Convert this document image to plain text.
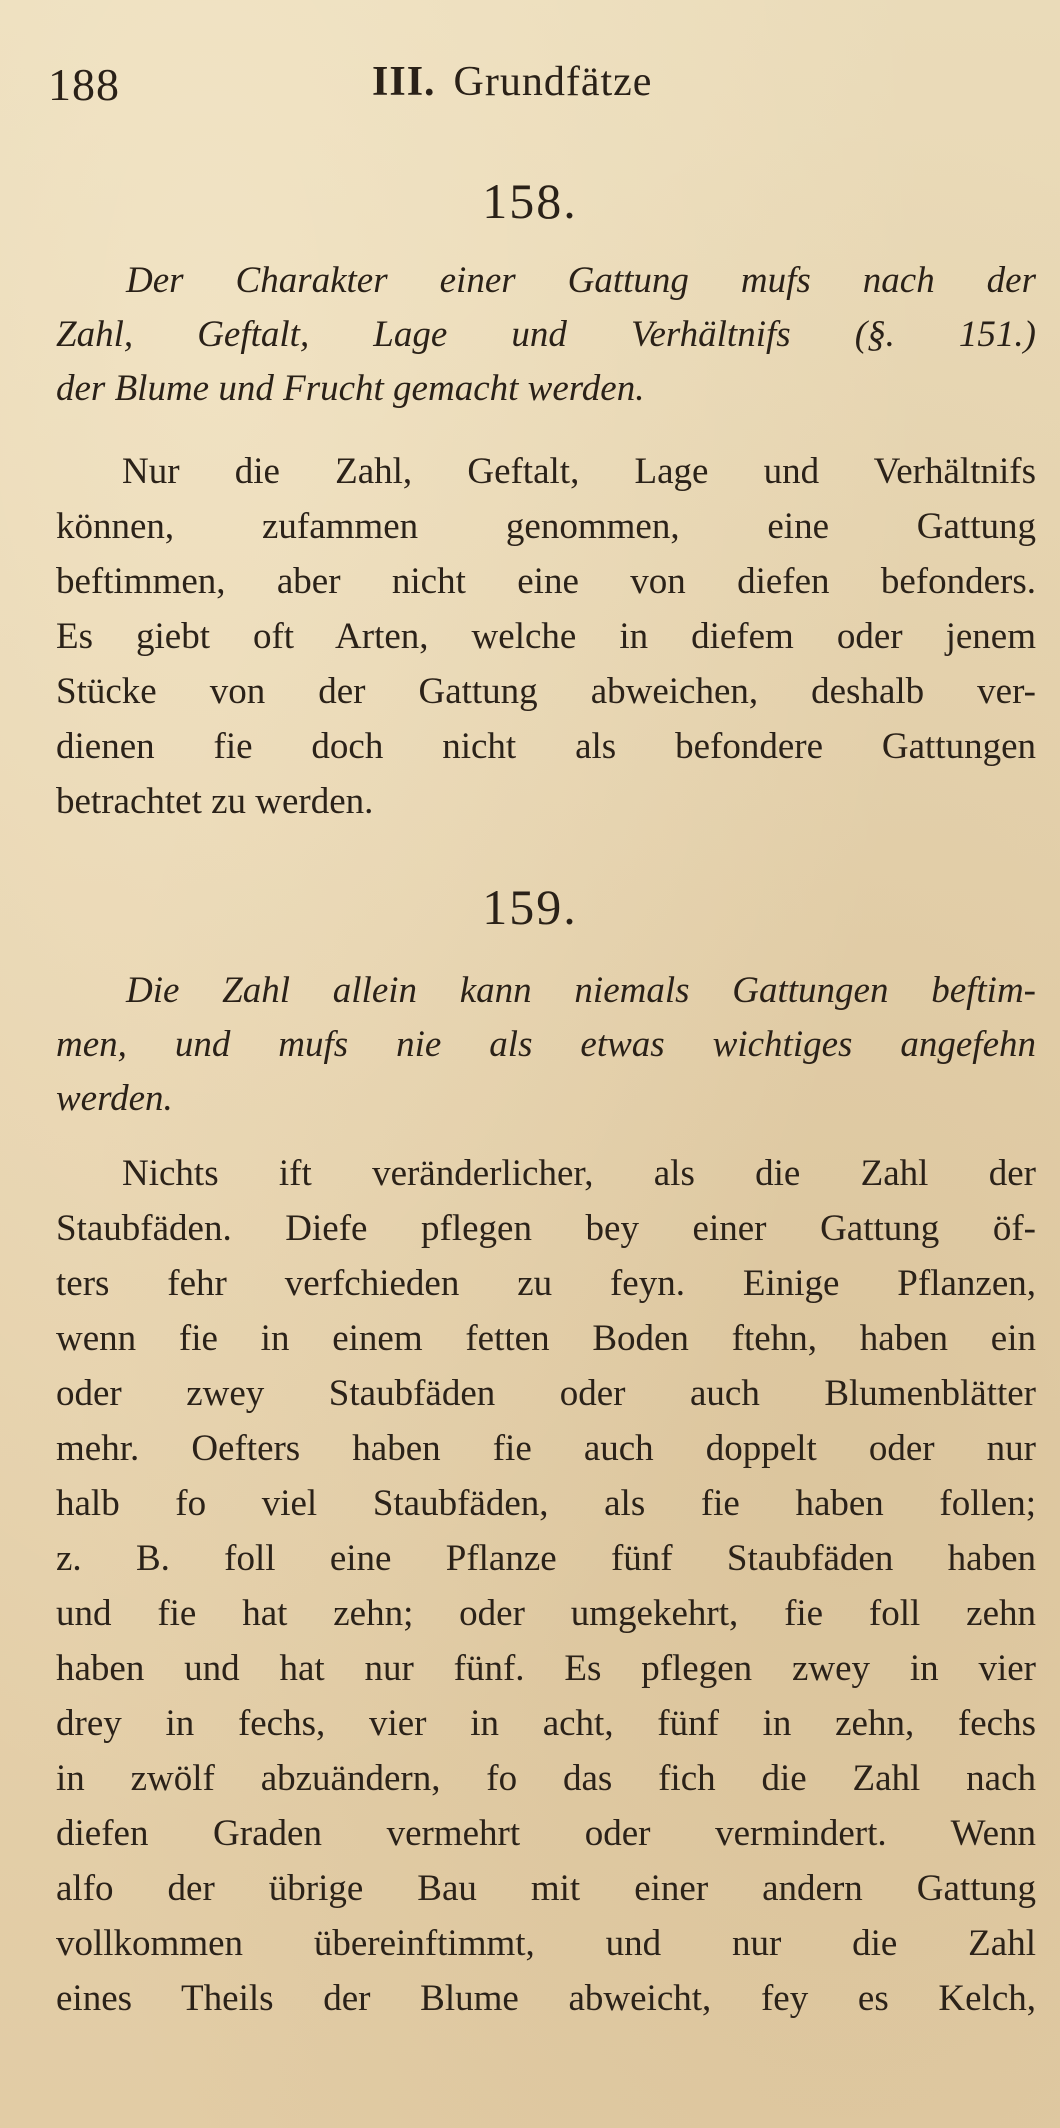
188	III. Grundfätze
158.
Der Charakter einer Gattung mufs nach der
Zahl, Geftalt, Lage und Verhältnifs (§. 151.)
der Blume und Frucht gemacht werden.
Nur die Zahl, Geftalt, Lage und Verhältnifs
können, zufammen genommen, eine Gattung
beftimmen, aber nicht eine von diefen befonders.
Es giebt oft Arten, welche in diefem oder jenem
Stücke von der Gattung abweichen, deshalb ver-
dienen fie doch nicht als befondere Gattungen
betrachtet zu werden.
159.
Die Zahl allein kann niemals Gattungen beftim-
men, und mufs nie als etwas wichtiges angefehn
werden.
Nichts ift veränderlicher, als die Zahl der
Staubfäden. Diefe pflegen bey einer Gattung öf-
ters fehr verfchieden zu feyn. Einige Pflanzen,
wenn fie in einem fetten Boden ftehn, haben ein
oder zwey Staubfäden oder auch Blumenblätter
mehr. Oefters haben fie auch doppelt oder nur
halb fo viel Staubfäden, als fie haben follen;
z. B. foll eine Pflanze fünf Staubfäden haben
und fie hat zehn; oder umgekehrt, fie foll zehn
haben und hat nur fünf. Es pflegen zwey in vier
drey in fechs, vier in acht, fünf in zehn, fechs
in zwölf abzuändern, fo das fich die Zahl nach
diefen Graden vermehrt oder vermindert. Wenn
alfo der übrige Bau mit einer andern Gattung
vollkommen übereinftimmt, und nur die Zahl
eines Theils der Blume abweicht, fey es Kelch,
